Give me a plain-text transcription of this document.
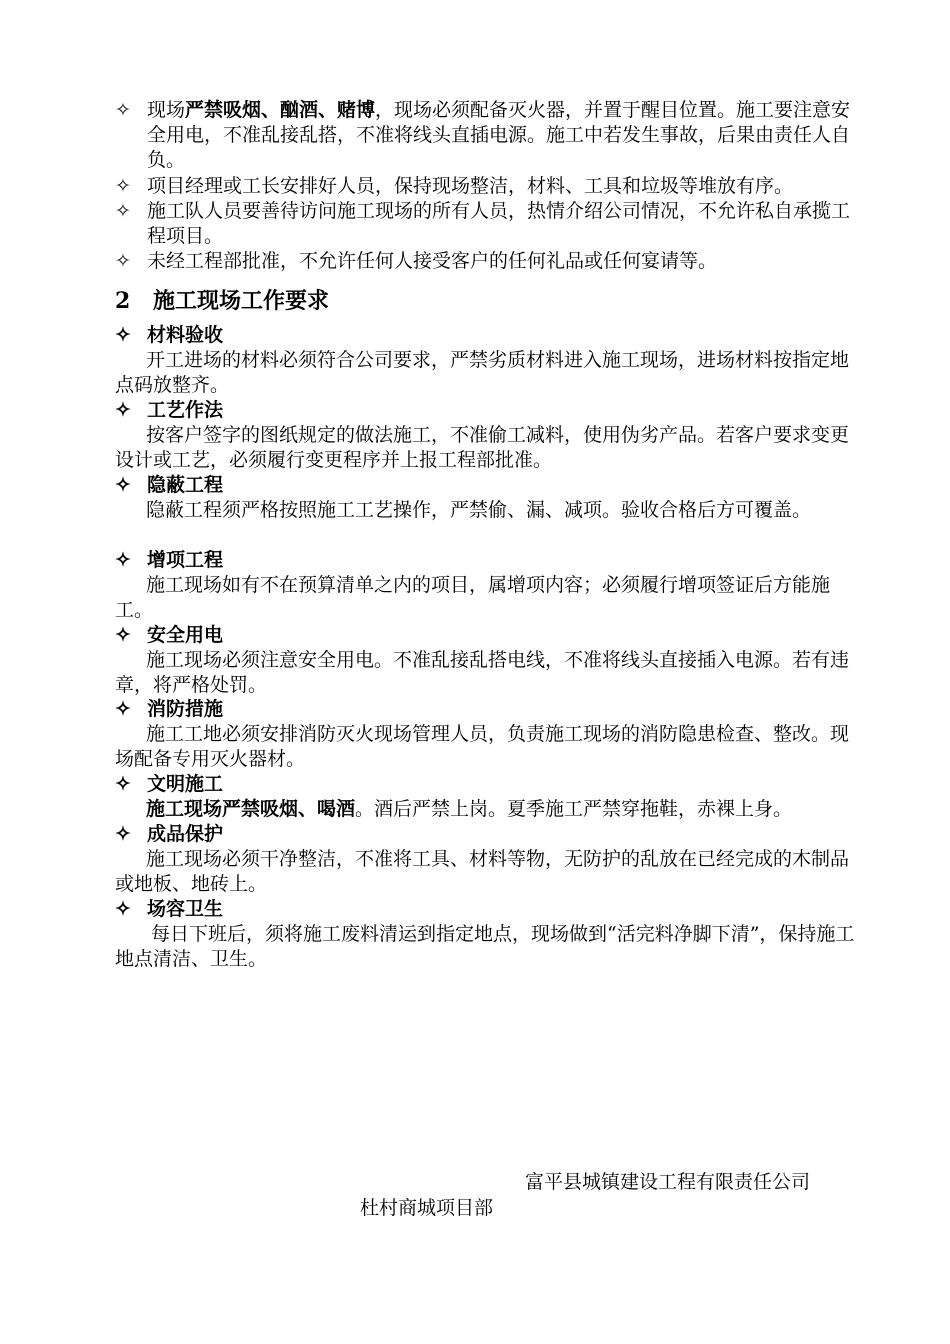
✧ 现场严禁吸烟、酗酒、赌博，现场必须配备灭火器，并置于醒目位置。施工要注意安全用电，不准乱接乱搭，不准将线头直插电源。施工中若发生事故，后果由责任人自负。
✧ 项目经理或工长安排好人员，保持现场整洁，材料、工具和垃圾等堆放有序。
✧ 施工队人员要善待访问施工现场的所有人员，热情介绍公司情况，不允许私自承揽工程项目。
✧ 未经工程部批准，不允许任何人接受客户的任何礼品或任何宴请等。
2 施工现场工作要求
✧ 材料验收
开工进场的材料必须符合公司要求，严禁劣质材料进入施工现场，进场材料按指定地点码放整齐。
✧ 工艺作法
按客户签字的图纸规定的做法施工，不准偷工减料，使用伪劣产品。若客户要求变更设计或工艺，必须履行变更程序并上报工程部批准。
✧ 隐蔽工程
隐蔽工程须严格按照施工工艺操作，严禁偷、漏、减项。验收合格后方可覆盖。
✧ 增项工程
施工现场如有不在预算清单之内的项目，属增项内容；必须履行增项签证后方能施工。
✧ 安全用电
施工现场必须注意安全用电。不准乱接乱搭电线，不准将线头直接插入电源。若有违章，将严格处罚。
✧ 消防措施
施工工地必须安排消防灭火现场管理人员，负责施工现场的消防隐患检查、整改。现场配备专用灭火器材。
✧ 文明施工
施工现场严禁吸烟、喝酒。酒后严禁上岗。夏季施工严禁穿拖鞋，赤裸上身。
✧ 成品保护
施工现场必须干净整洁，不准将工具、材料等物，无防护的乱放在已经完成的木制品或地板、地砖上。
✧ 场容卫生
每日下班后，须将施工废料清运到指定地点，现场做到“活完料净脚下清”，保持施工地点清洁、卫生。
富平县城镇建设工程有限责任公司
杜村商城项目部
